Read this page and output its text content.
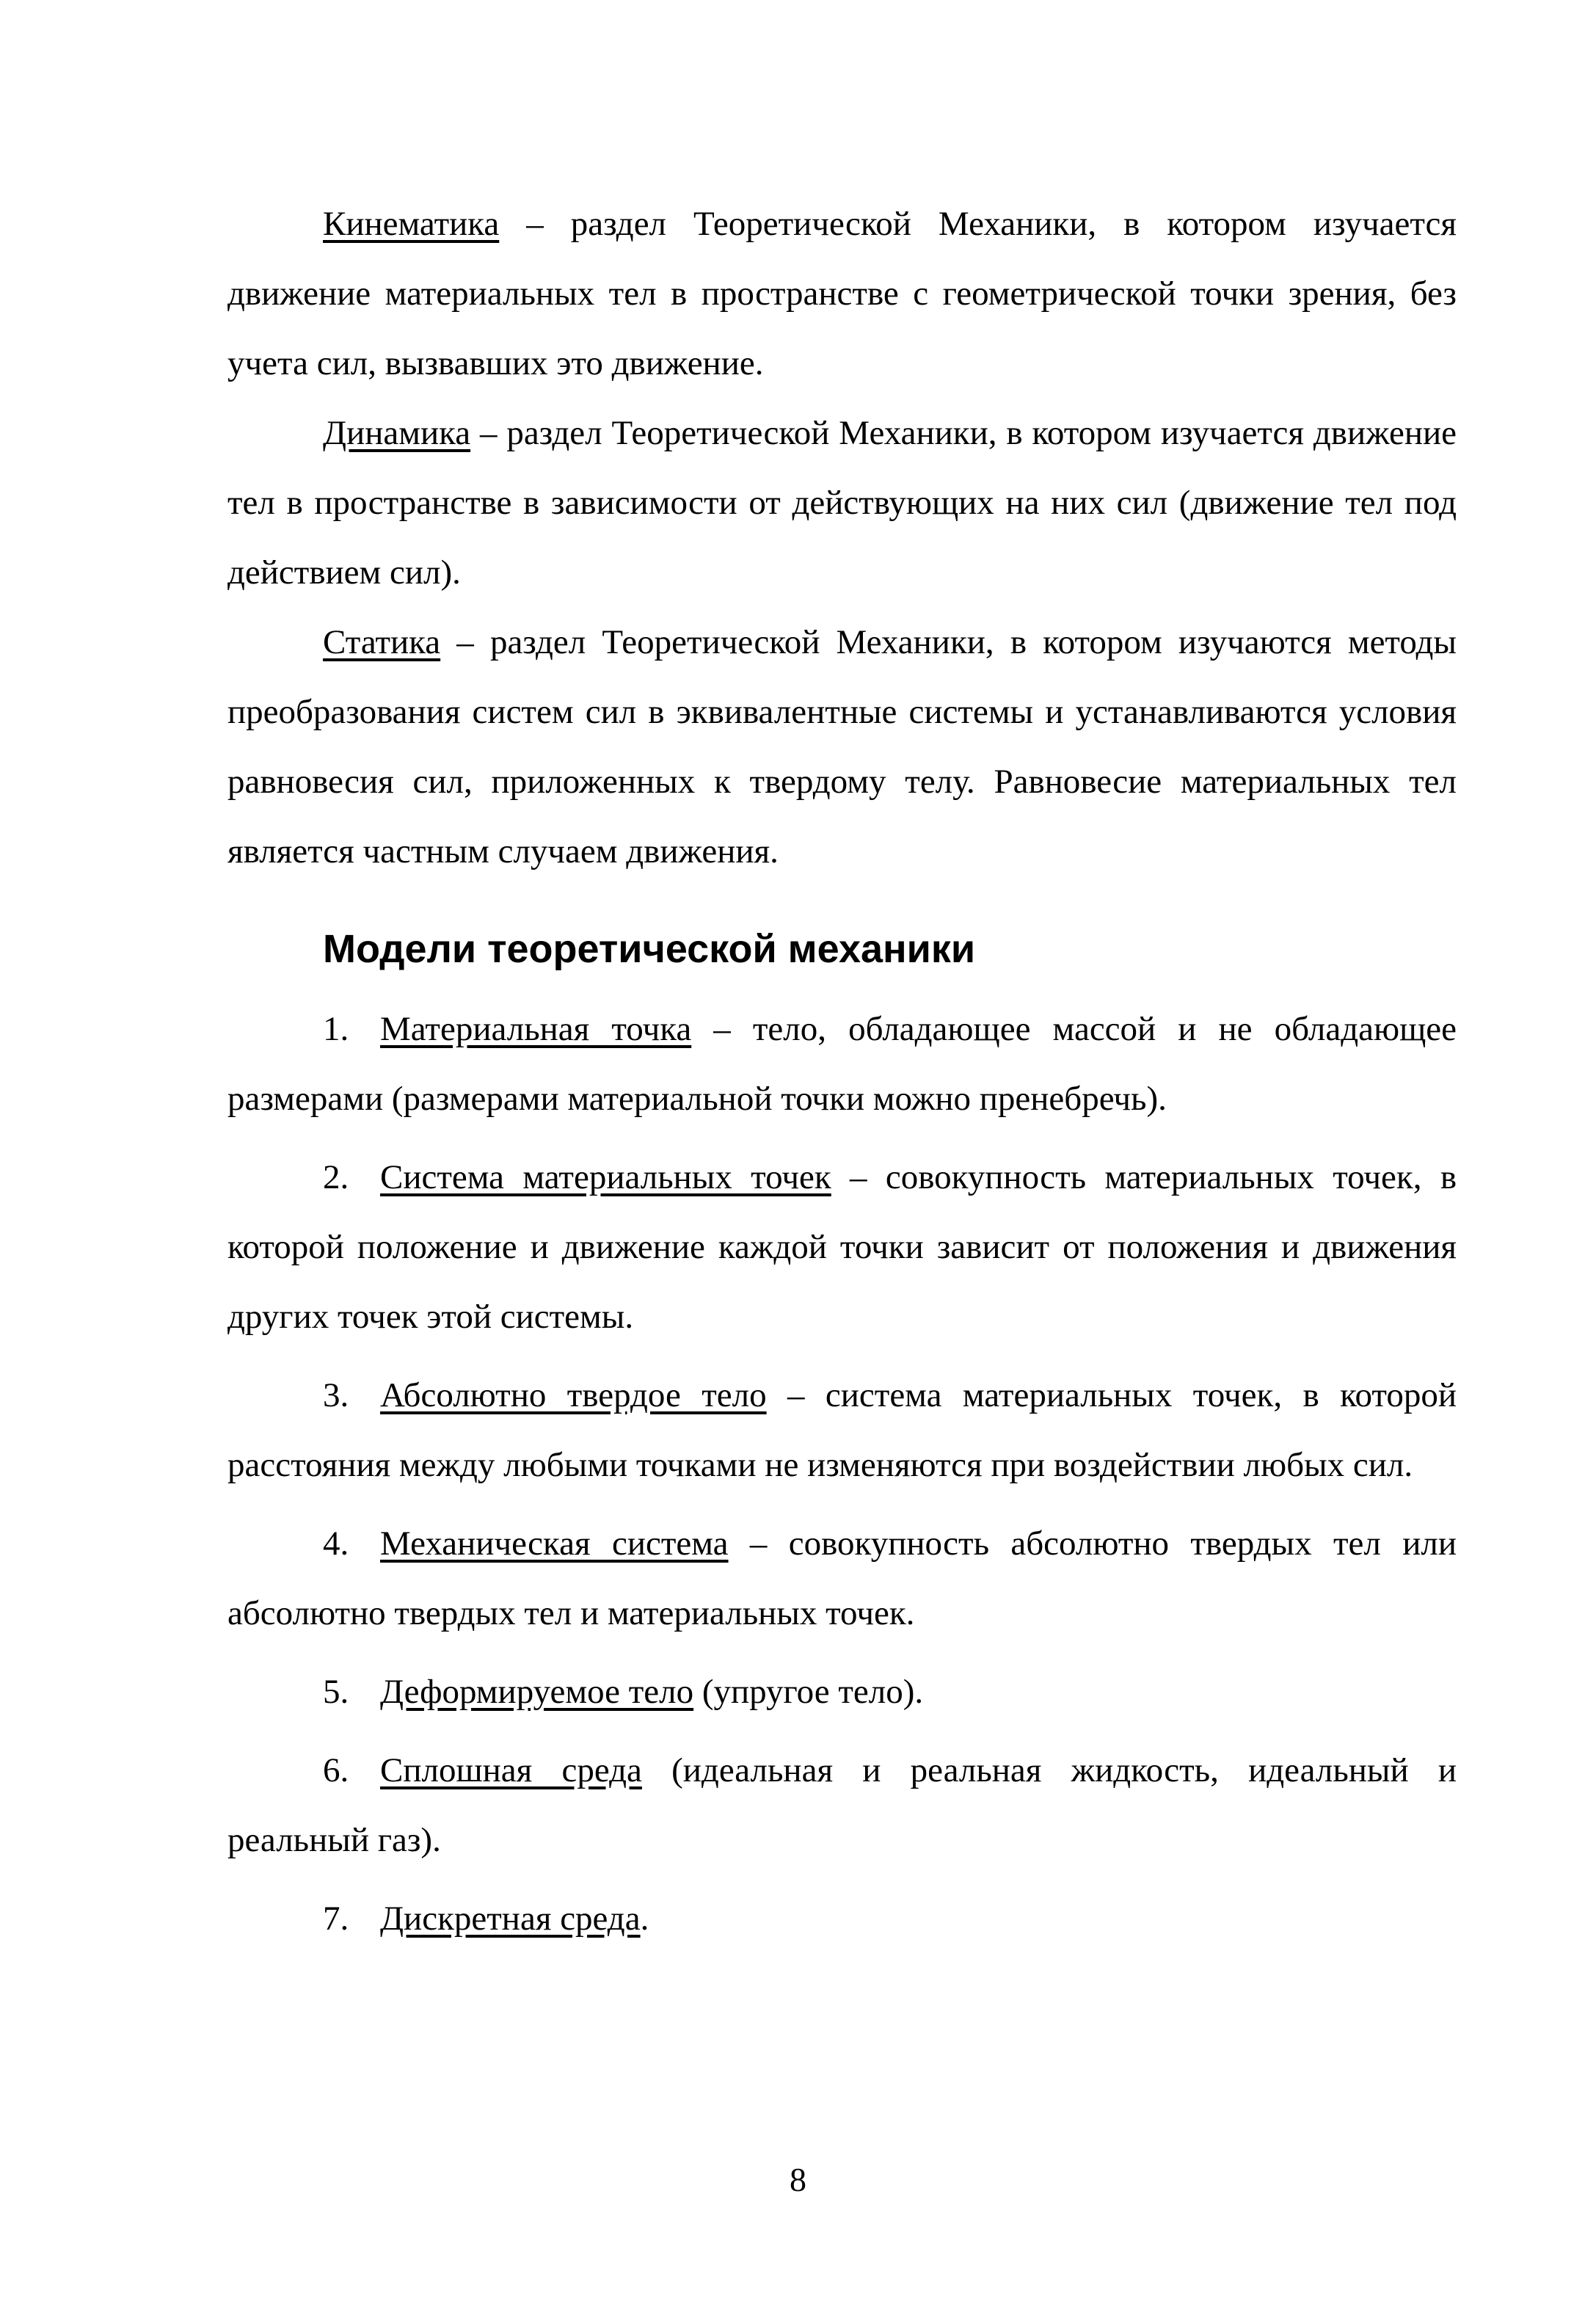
Кинематика – раздел Теоретической Механики, в котором изучается движение материальных тел в пространстве с геометрической точки зрения, без учета сил, вызвавших это движение.

Динамика – раздел Теоретической Механики, в котором изучается движение тел в пространстве в зависимости от действующих на них сил (движение тел под действием сил).

Статика – раздел Теоретической Механики, в котором изучаются методы преобразования систем сил в эквивалентные системы и устанавливаются условия равновесия сил, приложенных к твердому телу. Равновесие материальных тел является частным случаем движения.

Модели теоретической механики

1. Материальная точка – тело, обладающее массой и не обладающее размерами (размерами материальной точки можно пренебречь).

2. Система материальных точек – совокупность материальных точек, в которой положение и движение каждой точки зависит от положения и движения других точек этой системы.

3. Абсолютно твердое тело – система материальных точек, в которой расстояния между любыми точками не изменяются при воздействии любых сил.

4. Механическая система – совокупность абсолютно твердых тел или абсолютно твердых тел и материальных точек.

5. Деформируемое тело (упругое тело).

6. Сплошная среда (идеальная и реальная жидкость, идеальный и реальный газ).

7. Дискретная среда.

8
